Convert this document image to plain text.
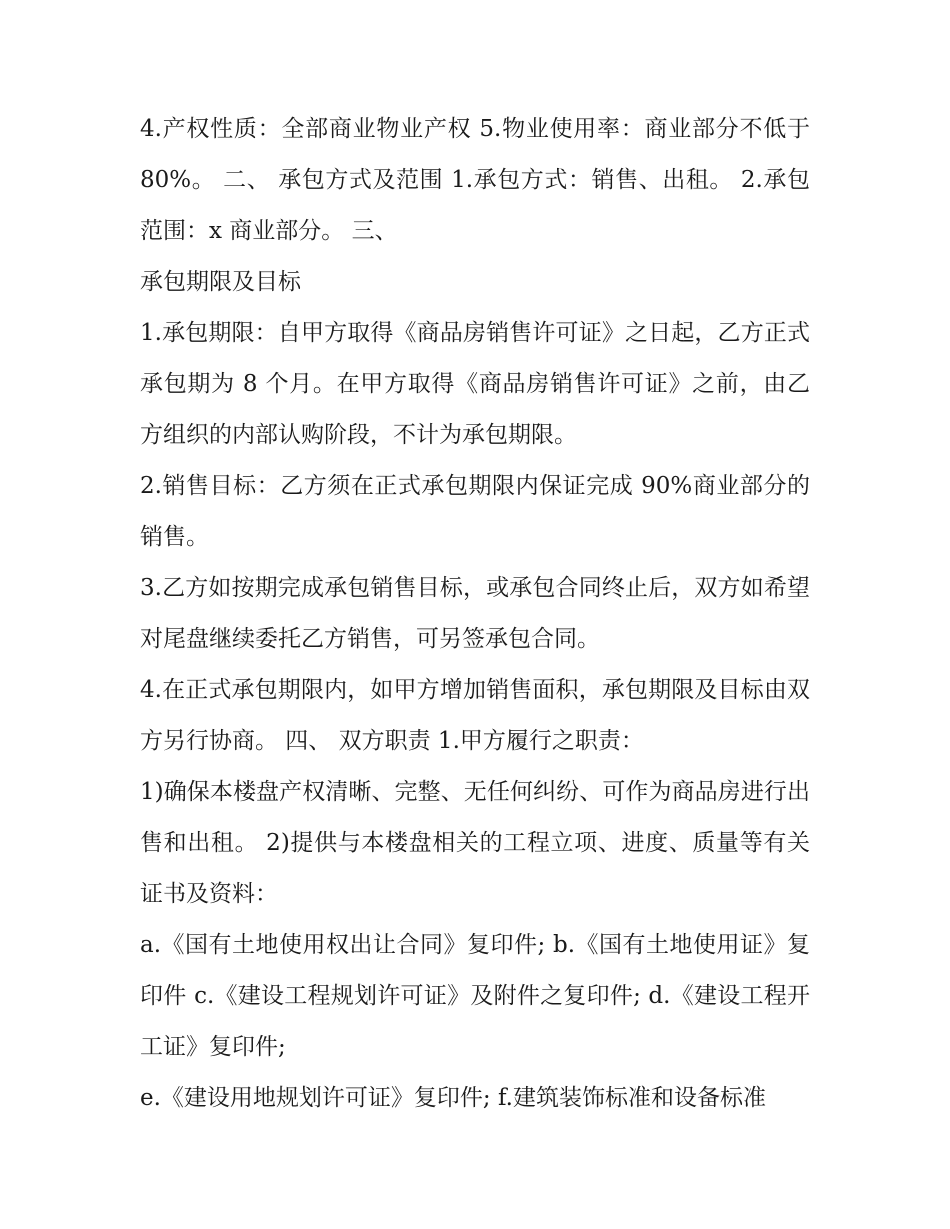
4.产权性质：全部商业物业产权 5.物业使用率：商业部分不低于 80%。 二、 承包方式及范围 1.承包方式：销售、出租。 2.承包范围：x 商业部分。 三、

承包期限及目标

1.承包期限：自甲方取得《商品房销售许可证》之日起，乙方正式承包期为 8 个月。在甲方取得《商品房销售许可证》之前，由乙方组织的内部认购阶段，不计为承包期限。

2.销售目标：乙方须在正式承包期限内保证完成 90%商业部分的销售。

3.乙方如按期完成承包销售目标，或承包合同终止后，双方如希望对尾盘继续委托乙方销售，可另签承包合同。

4.在正式承包期限内，如甲方增加销售面积，承包期限及目标由双方另行协商。 四、 双方职责 1.甲方履行之职责：

1)确保本楼盘产权清晰、完整、无任何纠纷、可作为商品房进行出售和出租。 2)提供与本楼盘相关的工程立项、进度、质量等有关证书及资料：

a.《国有土地使用权出让合同》复印件; b.《国有土地使用证》复印件 c.《建设工程规划许可证》及附件之复印件; d.《建设工程开工证》复印件;

e.《建设用地规划许可证》复印件; f.建筑装饰标准和设备标准
